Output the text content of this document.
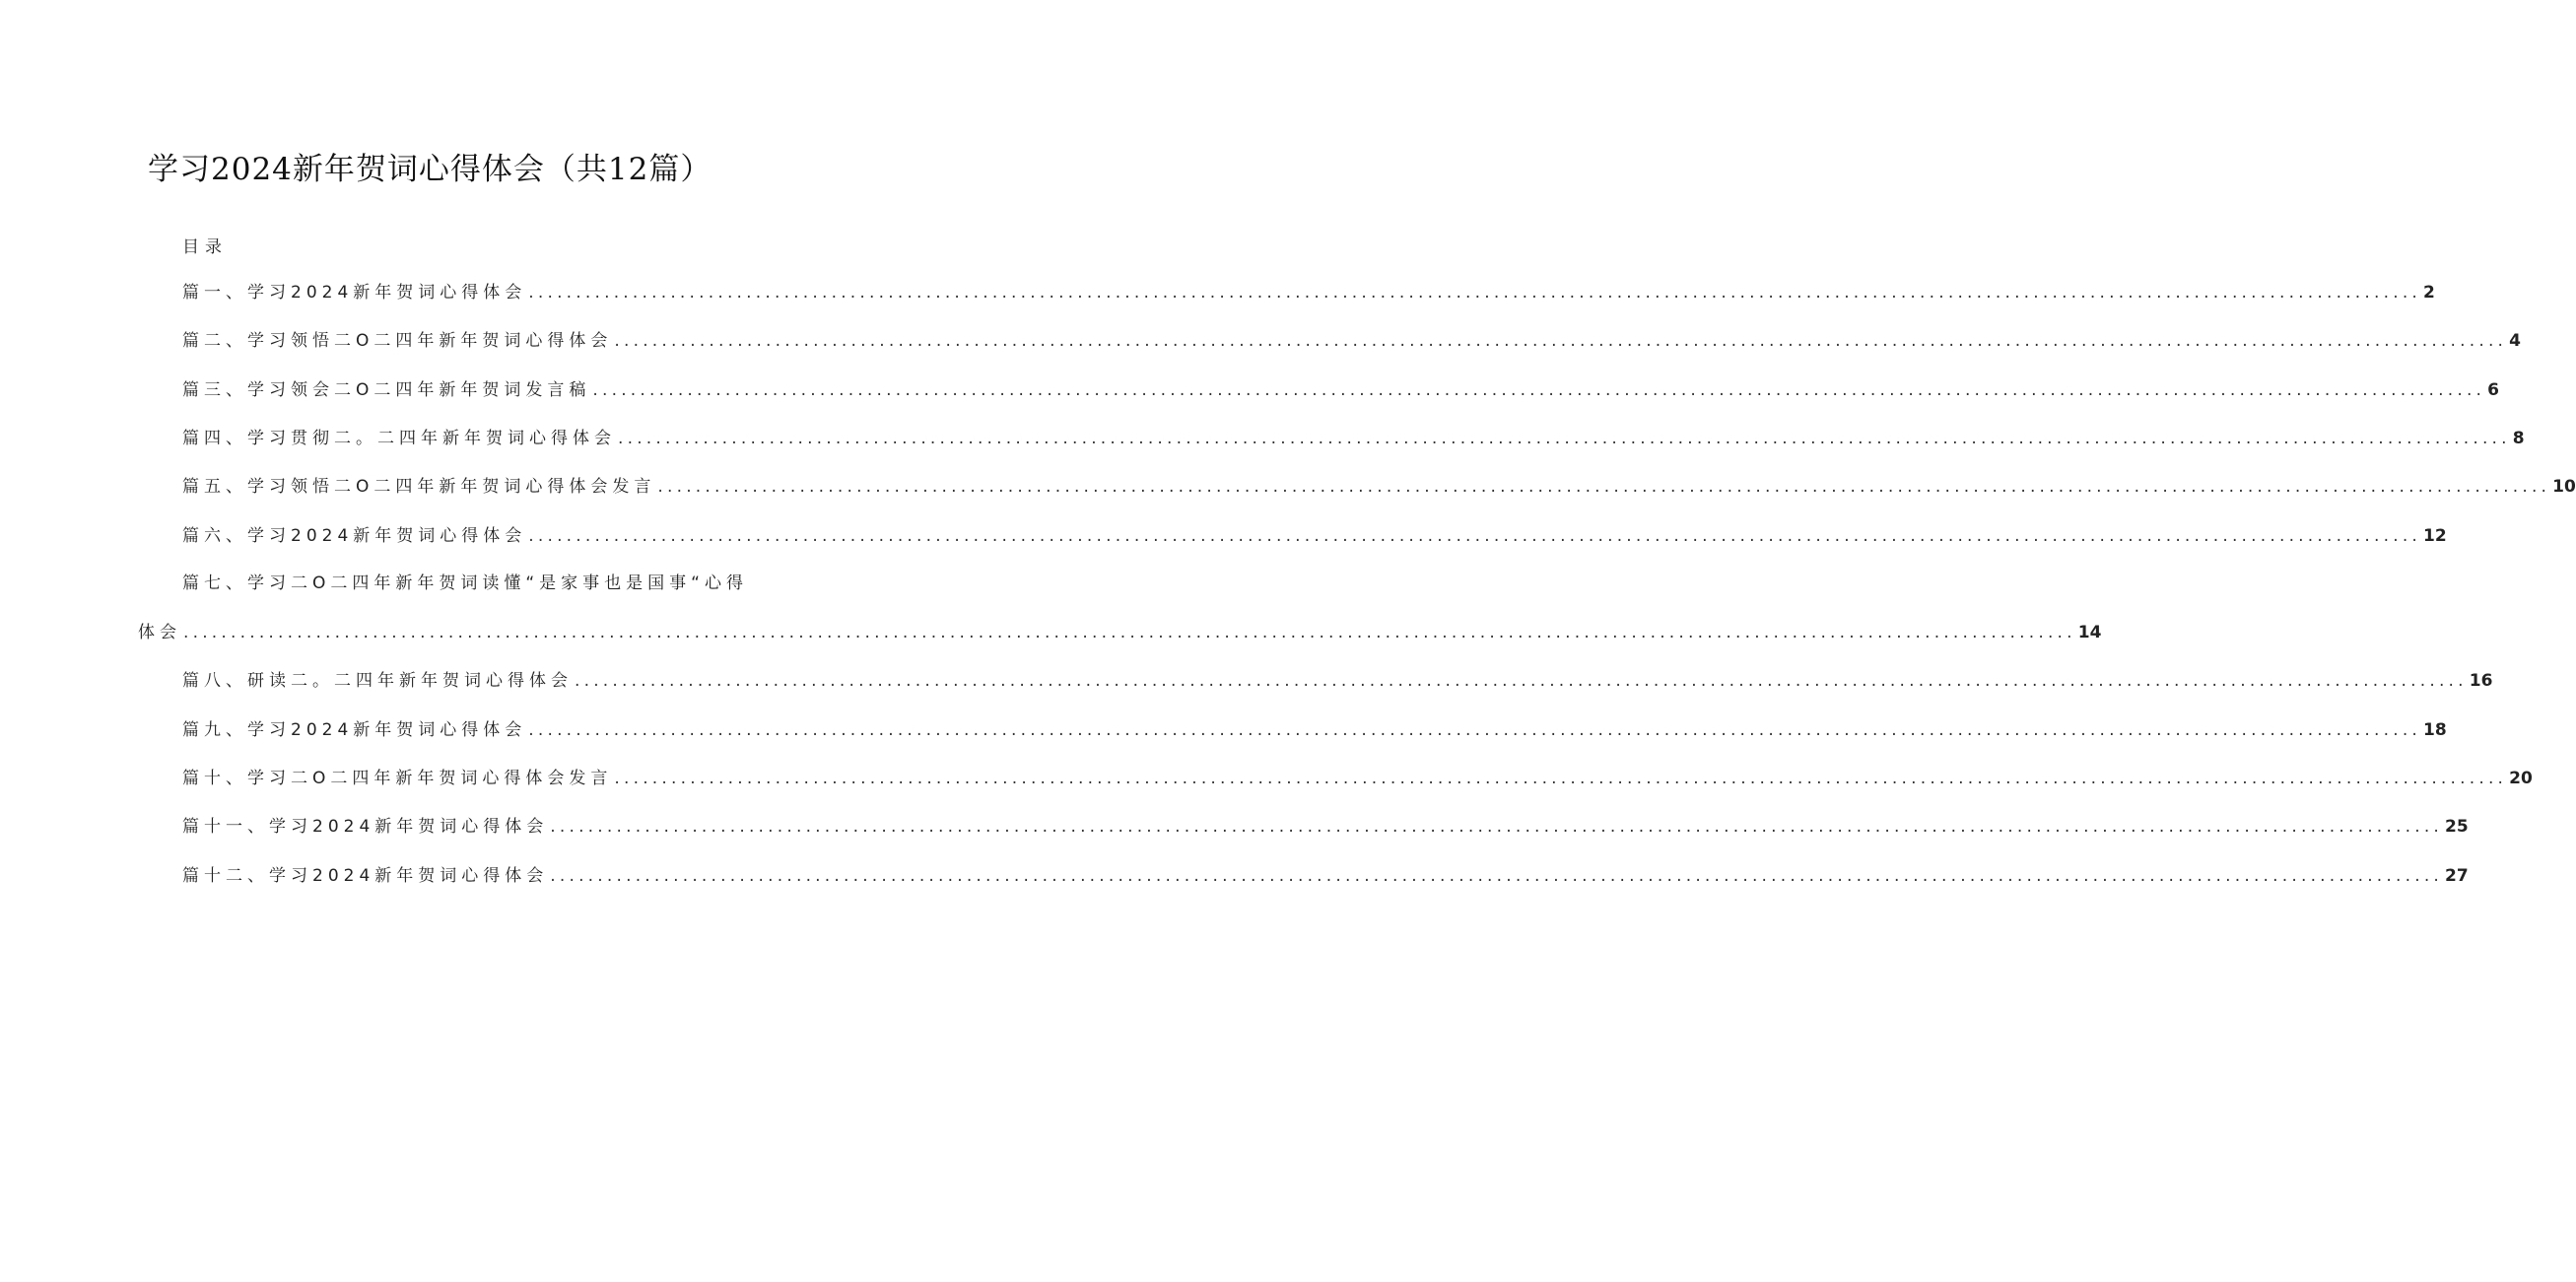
学习2024新年贺词心得体会（共12篇）
目录
篇一、学习2024新年贺词心得体会 ........................................................................................................................................................................................................ 2
篇二、学习领悟二O二四年新年贺词心得体会 ........................................................................................................................................................................................................ 4
篇三、学习领会二O二四年新年贺词发言稿 ........................................................................................................................................................................................................ 6
篇四、学习贯彻二。二四年新年贺词心得体会 ........................................................................................................................................................................................................ 8
篇五、学习领悟二O二四年新年贺词心得体会发言 ........................................................................................................................................................................................................ 10
篇六、学习2024新年贺词心得体会 ........................................................................................................................................................................................................ 12
篇七、学习二O二四年新年贺词读懂“是家事也是国事“心得
体会 ........................................................................................................................................................................................................ 14
篇八、研读二。二四年新年贺词心得体会 ........................................................................................................................................................................................................ 16
篇九、学习2024新年贺词心得体会 ........................................................................................................................................................................................................ 18
篇十、学习二O二四年新年贺词心得体会发言 ........................................................................................................................................................................................................ 20
篇十一、学习2024新年贺词心得体会 ........................................................................................................................................................................................................ 25
篇十二、学习2024新年贺词心得体会 ........................................................................................................................................................................................................ 27
